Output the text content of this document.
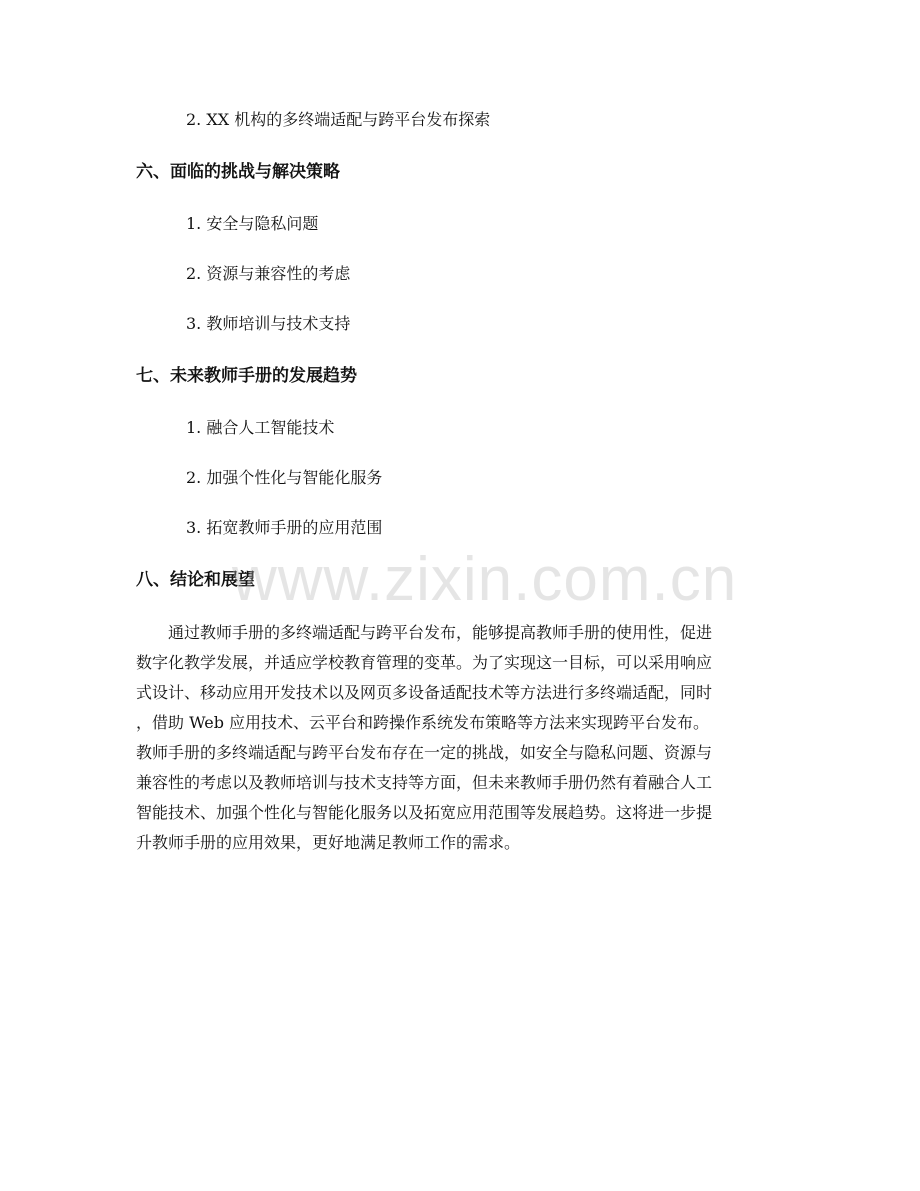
2. XX 机构的多终端适配与跨平台发布探索
六、面临的挑战与解决策略
1. 安全与隐私问题
2. 资源与兼容性的考虑
3. 教师培训与技术支持
七、未来教师手册的发展趋势
1. 融合人工智能技术
2. 加强个性化与智能化服务
3. 拓宽教师手册的应用范围
八、结论和展望
　　通过教师手册的多终端适配与跨平台发布，能够提高教师手册的使用性，促进
数字化教学发展，并适应学校教育管理的变革。为了实现这一目标，可以采用响应
式设计、移动应用开发技术以及网页多设备适配技术等方法进行多终端适配，同时
，借助 Web 应用技术、云平台和跨操作系统发布策略等方法来实现跨平台发布。
教师手册的多终端适配与跨平台发布存在一定的挑战，如安全与隐私问题、资源与
兼容性的考虑以及教师培训与技术支持等方面，但未来教师手册仍然有着融合人工
智能技术、加强个性化与智能化服务以及拓宽应用范围等发展趋势。这将进一步提
升教师手册的应用效果，更好地满足教师工作的需求。
www.zixin.com.cn
